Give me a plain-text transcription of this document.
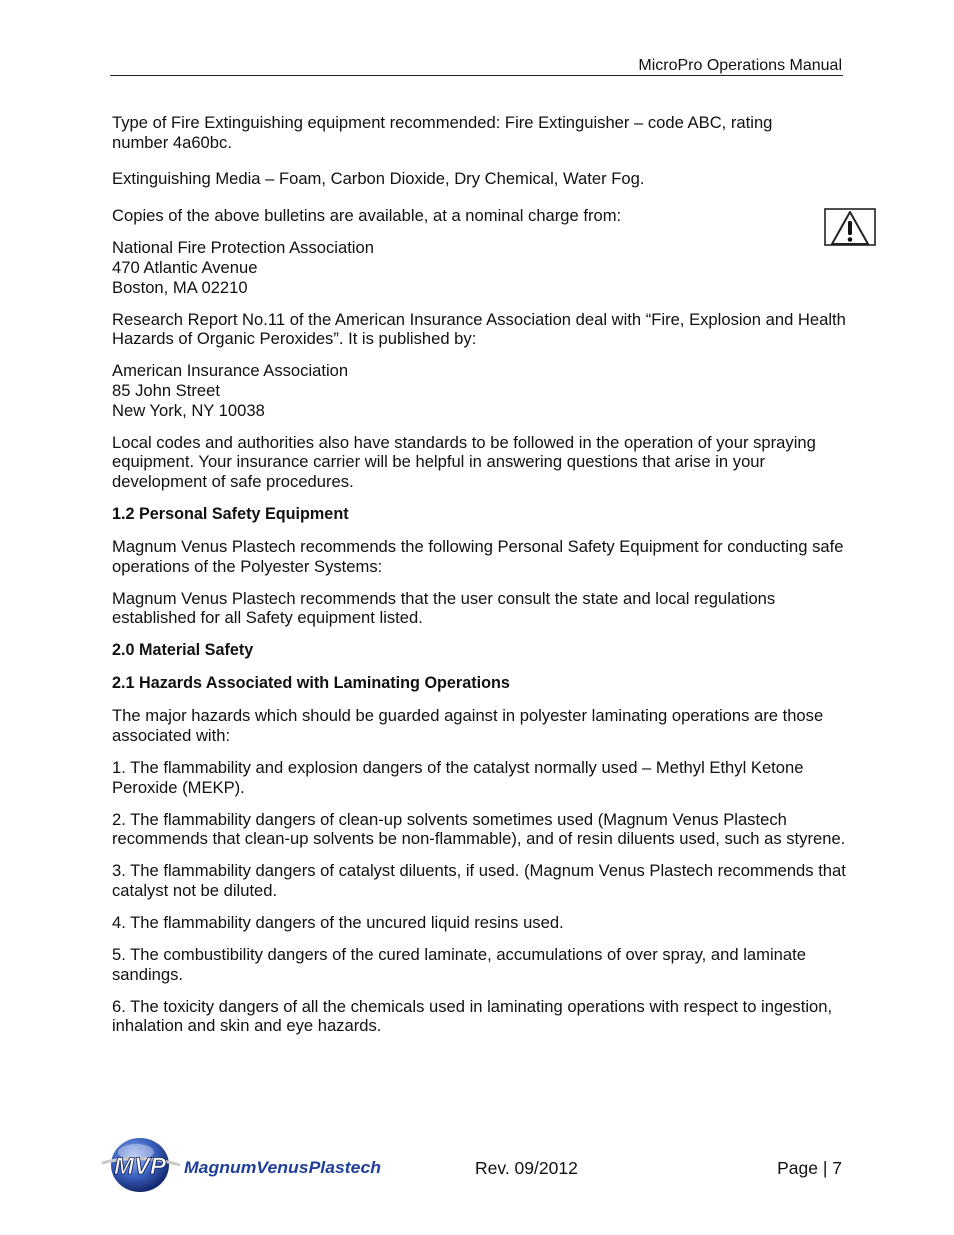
MicroPro Operations Manual

Type of Fire Extinguishing equipment recommended: Fire Extinguisher – code ABC, rating number 4a60bc.

Extinguishing Media – Foam, Carbon Dioxide, Dry Chemical, Water Fog.

Copies of the above bulletins are available, at a nominal charge from:

National Fire Protection Association
470 Atlantic Avenue
Boston, MA 02210

Research Report No.11 of the American Insurance Association deal with “Fire, Explosion and Health Hazards of Organic Peroxides”. It is published by:

American Insurance Association
85 John Street
New York, NY 10038

Local codes and authorities also have standards to be followed in the operation of your spraying equipment. Your insurance carrier will be helpful in answering questions that arise in your development of safe procedures.

1.2 Personal Safety Equipment

Magnum Venus Plastech recommends the following Personal Safety Equipment for conducting safe operations of the Polyester Systems:

Magnum Venus Plastech recommends that the user consult the state and local regulations established for all Safety equipment listed.

2.0 Material Safety
2.1 Hazards Associated with Laminating Operations

The major hazards which should be guarded against in polyester laminating operations are those associated with:

1. The flammability and explosion dangers of the catalyst normally used – Methyl Ethyl Ketone Peroxide (MEKP).

2. The flammability dangers of clean-up solvents sometimes used (Magnum Venus Plastech recommends that clean-up solvents be non-flammable), and of resin diluents used, such as styrene.

3. The flammability dangers of catalyst diluents, if used. (Magnum Venus Plastech recommends that catalyst not be diluted.

4. The flammability dangers of the uncured liquid resins used.

5. The combustibility dangers of the cured laminate, accumulations of over spray, and laminate sandings.

6. The toxicity dangers of all the chemicals used in laminating operations with respect to ingestion, inhalation and skin and eye hazards.

MVP MagnumVenusPlastech	Rev. 09/2012	Page | 7
